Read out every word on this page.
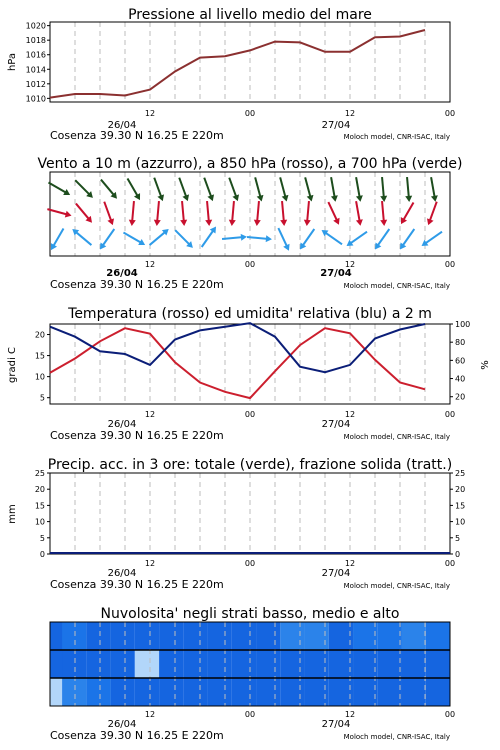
Pressione al livello medio del mare
1010
1012
1014
1016
1018
1020
hPa
12	00	12	00
26/04	27/04
Cosenza 39.30 N 16.25 E 220m	Moloch model, CNR-ISAC, Italy
Vento a 10 m (azzurro), a 850 hPa (rosso), a 700 hPa (verde)
12	00	12	00
26/04	27/04
Cosenza 39.30 N 16.25 E 220m	Moloch model, CNR-ISAC, Italy
Temperatura (rosso) ed umidita' relativa (blu) a 2 m
5
10
15
20
20
40
60
80
100
gradi C	%
12	00	12	00
26/04	27/04
Cosenza 39.30 N 16.25 E 220m	Moloch model, CNR-ISAC, Italy
Precip. acc. in 3 ore: totale (verde), frazione solida (tratt.)
0	0
5	5
10	10
15	15
20	20
25	25
mm
12	00	12	00
26/04	27/04
Cosenza 39.30 N 16.25 E 220m	Moloch model, CNR-ISAC, Italy
Nuvolosita' negli strati basso, medio e alto
12	00	12	00
26/04	27/04
Cosenza 39.30 N 16.25 E 220m	Moloch model, CNR-ISAC, Italy
